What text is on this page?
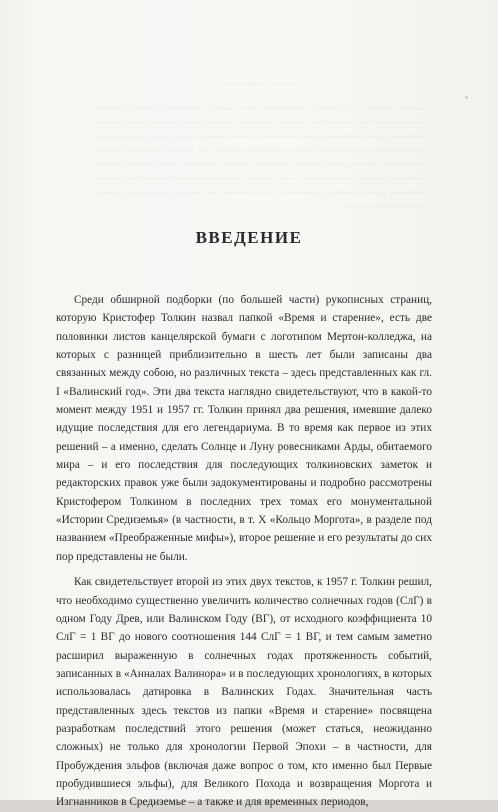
~~~~~~ ~~~~~~~~
~~~~~ ~~~~~~ ~~ ~~~~~ ~~~~~~~~~ ~~~ ~~~~~ ~~~~~~~~ ~~~~~ ~~~~~~ ~~~~~~~~~~ ~~~ ~~~~~~ ~~~ ~~~~~~ ~~~~~~~~ ~~~~~~ ~~~~ ~~~~~~~ ~~~~ ~~~~~~ ~~~~~~~ ~~~~~ ~~~~~~~~ ~~~~ ~~~~~~~~ ~~~~~ ~~~~~~ ~~~~ ~~~~~ ~~~~~~~ ~~~ ~~~~~~~~~~~ ~~~~ ~~~~~~ ~~~~~ ~~~~~~~~ ~~~~~~ ~~~ ~~~~~~ ~~~~~~~ ~~~~~~ ~~~~~~~~~ ~~~~~ ~~~~ ~~~~~~ ~~~~~~~~ ~~~~~ ~~~~~~~~ ~~~~ ~~~~~ ~~~~~~ ~~~~~~~ ~~~~~~~ ~~~~~~~~~~~ ~~~~ ~~~~~~ ~~~~~ ~~~~~~~~ ~~~~~~ ~~~ ~~~~~~ ~~~~~~~ ~~~~~ ~~~~~~ ~~~~~~~~~~ ~~~ ~~~~~~ ~~~ ~~~~~~ ~~~~~~~~ ~~~~~~ ~~~~ ~~~~~~~ ~~~~
▪
ВВЕДЕНИЕ

Среди обширной подборки (по большей части) рукописных страниц, которую Кристофер Толкин назвал папкой «Время и старение», есть две половинки листов канцелярской бумаги с логотипом Мертон-колледжа, на которых с разницей приблизительно в шесть лет были записаны два связанных между собою, но различных текста – здесь представленных как гл. I «Валинский год». Эти два текста наглядно свидетельствуют, что в какой-то момент между 1951 и 1957 гг. Толкин принял два решения, имевшие далеко идущие последствия для его легендариума. В то время как первое из этих решений – а именно, сделать Солнце и Луну ровесниками Арды, обитаемого мира – и его последствия для последующих толкиновских заметок и редакторских правок уже были задокументированы и подробно рассмотрены Кристофером Толкином в последних трех томах его монументальной «Истории Средиземья» (в частности, в т. X «Кольцо Моргота», в разделе под названием «Преображенные мифы»), второе решение и его результаты до сих пор представлены не были.

Как свидетельствует второй из этих двух текстов, к 1957 г. Толкин решил, что необходимо существенно увеличить количество солнечных годов (СлГ) в одном Году Древ, или Валинском Году (ВГ), от исходного коэффициента 10 СлГ = 1 ВГ до нового соотношения 144 СлГ = 1 ВГ, и тем самым заметно расширил выраженную в солнечных годах протяженность событий, записанных в «Анналах Валинора» и в последующих хронологиях, в которых использовалась датировка в Валинских Годах. Значительная часть представленных здесь текстов из папки «Время и старение» посвящена разработкам последствий этого решения (может статься, неожиданно сложных) не только для хронологии Первой Эпохи – в частности, для Пробуждения эльфов (включая даже вопрос о том, кто именно был Первые пробудившиеся эльфы), для Великого Похода и возвращения Моргота и Изгнанников в Средиземье – а также и для временных периодов,
